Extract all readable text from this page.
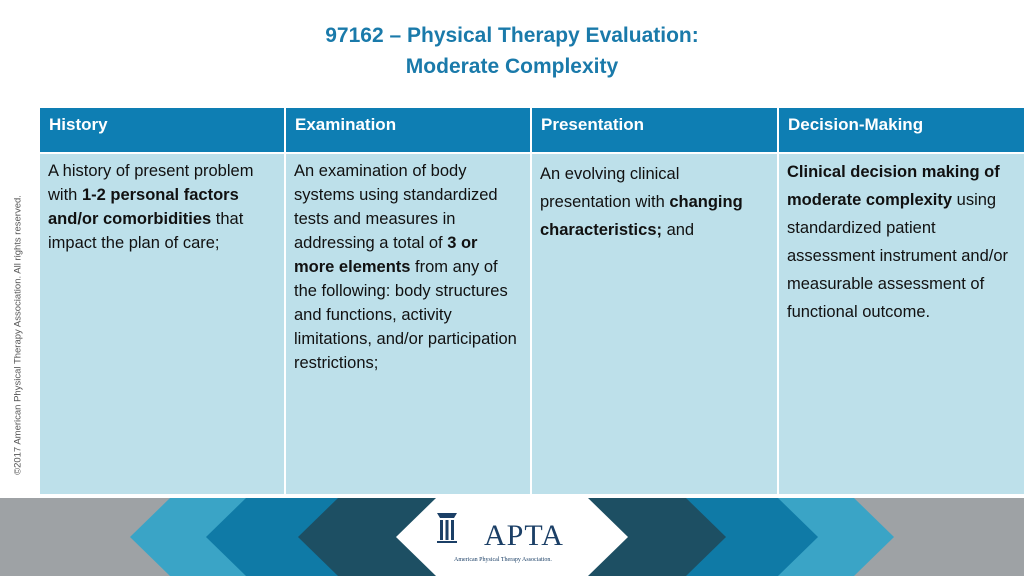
97162 – Physical Therapy Evaluation:
Moderate Complexity
©2017 American Physical Therapy Association. All rights reserved.
History	Examination	Presentation	Decision-Making
A history of present problem with 1-2 personal factors and/or comorbidities that impact the plan of care;	An examination of body systems using standardized tests and measures in addressing a total of 3 or more elements from any of the following: body structures and functions, activity limitations, and/or participation restrictions;	An evolving clinical presentation with changing characteristics; and	Clinical decision making of moderate complexity using standardized patient assessment instrument and/or measurable assessment of functional outcome.
APTA
American Physical Therapy Association.
